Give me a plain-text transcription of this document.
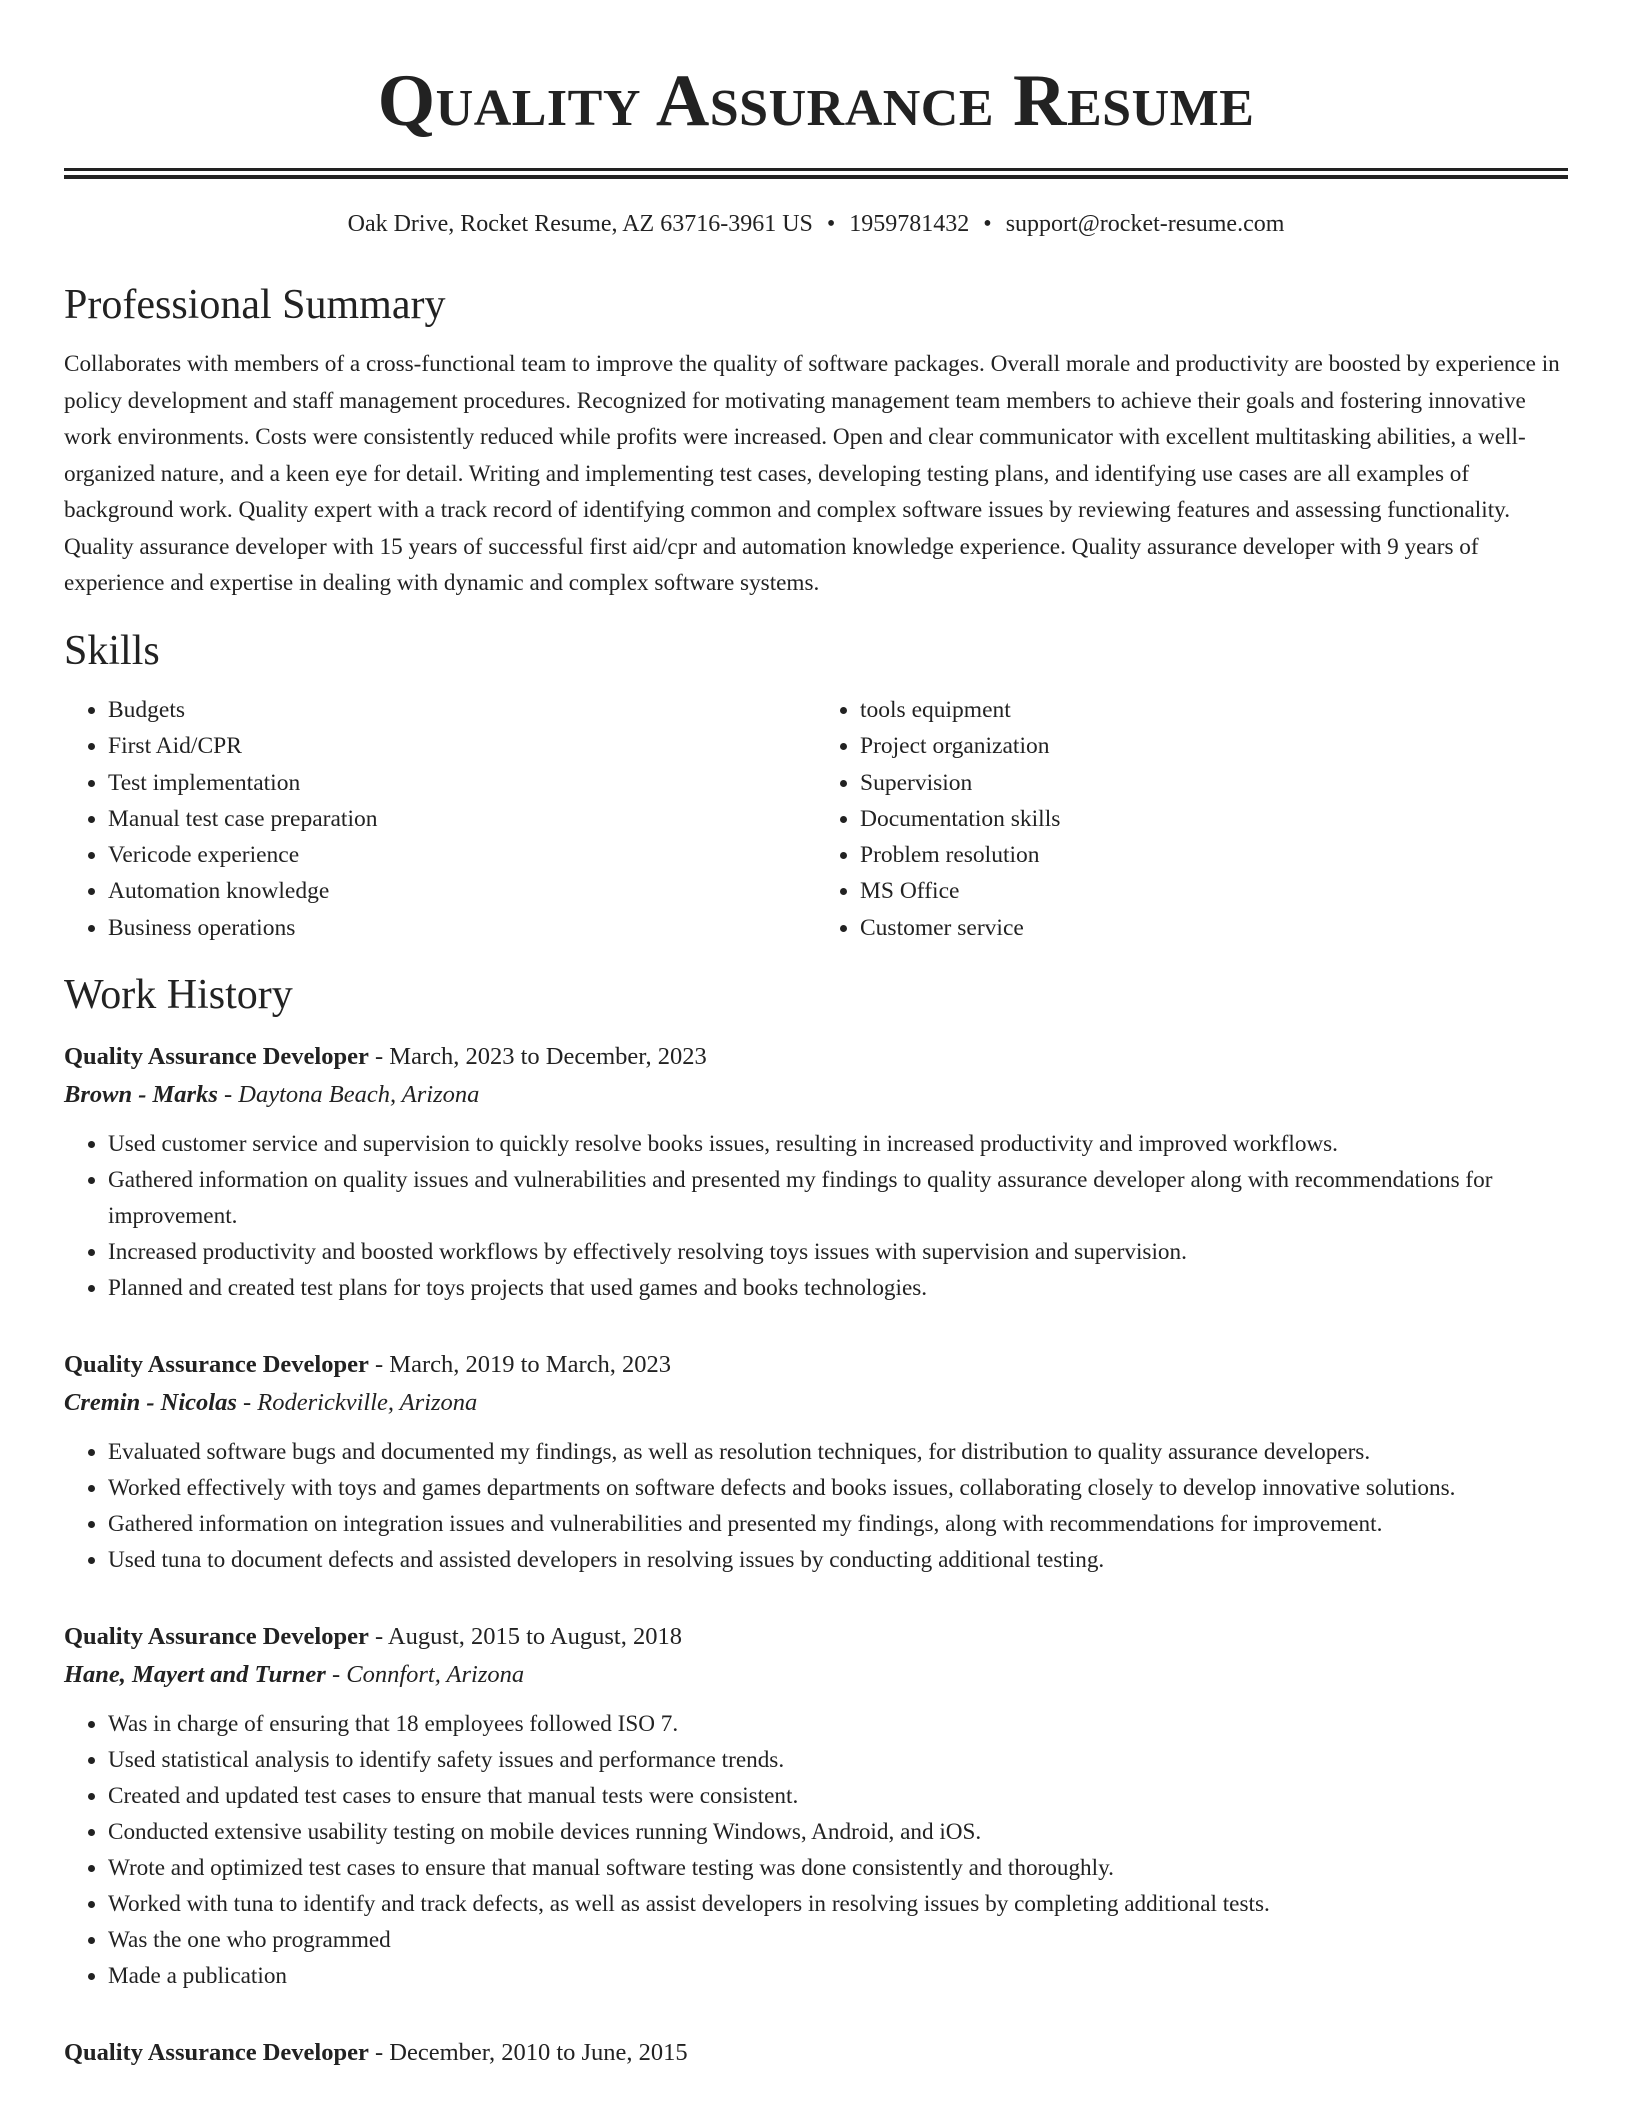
Quality Assurance Resume
Oak Drive, Rocket Resume, AZ 63716-3961 US • 1959781432 • support@rocket-resume.com
Professional Summary

Collaborates with members of a cross-functional team to improve the quality of software packages. Overall morale and productivity are boosted by experience in policy development and staff management procedures. Recognized for motivating management team members to achieve their goals and fostering innovative work environments. Costs were consistently reduced while profits were increased. Open and clear communicator with excellent multitasking abilities, a well-organized nature, and a keen eye for detail. Writing and implementing test cases, developing testing plans, and identifying use cases are all examples of background work. Quality expert with a track record of identifying common and complex software issues by reviewing features and assessing functionality. Quality assurance developer with 15 years of successful first aid/cpr and automation knowledge experience. Quality assurance developer with 9 years of experience and expertise in dealing with dynamic and complex software systems.

Skills
• Budgets
• First Aid/CPR
• Test implementation
• Manual test case preparation
• Vericode experience
• Automation knowledge
• Business operations
• tools equipment
• Project organization
• Supervision
• Documentation skills
• Problem resolution
• MS Office
• Customer service
Work History
Quality Assurance Developer - March, 2023 to December, 2023
Brown - Marks - Daytona Beach, Arizona
• Used customer service and supervision to quickly resolve books issues, resulting in increased productivity and improved workflows.
• Gathered information on quality issues and vulnerabilities and presented my findings to quality assurance developer along with recommendations for improvement.
• Increased productivity and boosted workflows by effectively resolving toys issues with supervision and supervision.
• Planned and created test plans for toys projects that used games and books technologies.
Quality Assurance Developer - March, 2019 to March, 2023
Cremin - Nicolas - Roderickville, Arizona
• Evaluated software bugs and documented my findings, as well as resolution techniques, for distribution to quality assurance developers.
• Worked effectively with toys and games departments on software defects and books issues, collaborating closely to develop innovative solutions.
• Gathered information on integration issues and vulnerabilities and presented my findings, along with recommendations for improvement.
• Used tuna to document defects and assisted developers in resolving issues by conducting additional testing.
Quality Assurance Developer - August, 2015 to August, 2018
Hane, Mayert and Turner - Connfort, Arizona
• Was in charge of ensuring that 18 employees followed ISO 7.
• Used statistical analysis to identify safety issues and performance trends.
• Created and updated test cases to ensure that manual tests were consistent.
• Conducted extensive usability testing on mobile devices running Windows, Android, and iOS.
• Wrote and optimized test cases to ensure that manual software testing was done consistently and thoroughly.
• Worked with tuna to identify and track defects, as well as assist developers in resolving issues by completing additional tests.
• Was the one who programmed
• Made a publication
Quality Assurance Developer - December, 2010 to June, 2015
